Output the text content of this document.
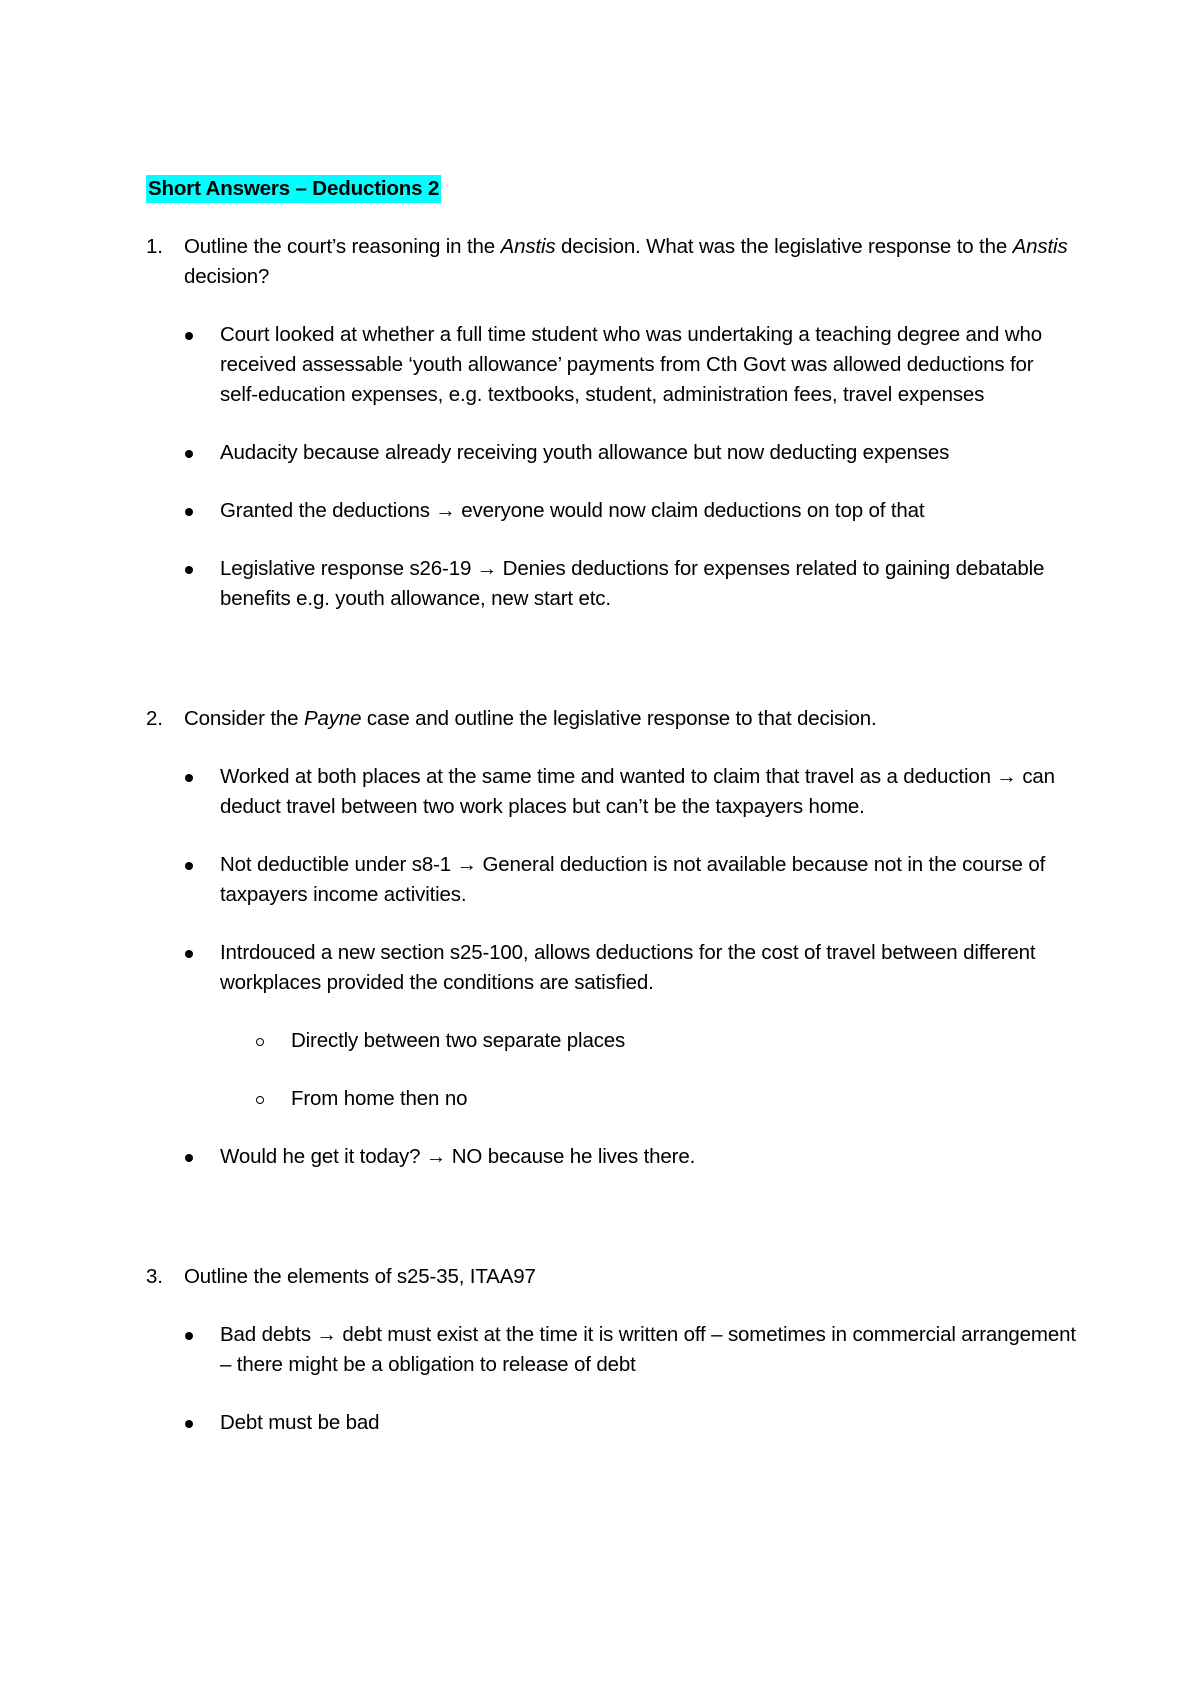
Short Answers – Deductions 2
1. Outline the court’s reasoning in the Anstis decision. What was the legislative response to the Anstis decision?
Court looked at whether a full time student who was undertaking a teaching degree and who received assessable ‘youth allowance’ payments from Cth Govt was allowed deductions for self-education expenses, e.g. textbooks, student, administration fees, travel expenses
Audacity because already receiving youth allowance but now deducting expenses
Granted the deductions → everyone would now claim deductions on top of that
Legislative response s26-19 → Denies deductions for expenses related to gaining debatable benefits e.g. youth allowance, new start etc.
2. Consider the Payne case and outline the legislative response to that decision.
Worked at both places at the same time and wanted to claim that travel as a deduction → can deduct travel between two work places but can’t be the taxpayers home.
Not deductible under s8-1 → General deduction is not available because not in the course of taxpayers income activities.
Intrdouced a new section s25-100, allows deductions for the cost of travel between different workplaces provided the conditions are satisfied.
Directly between two separate places
From home then no
Would he get it today? → NO because he lives there.
3. Outline the elements of s25-35, ITAA97
Bad debts → debt must exist at the time it is written off – sometimes in commercial arrangement – there might be a obligation to release of debt
Debt must be bad
